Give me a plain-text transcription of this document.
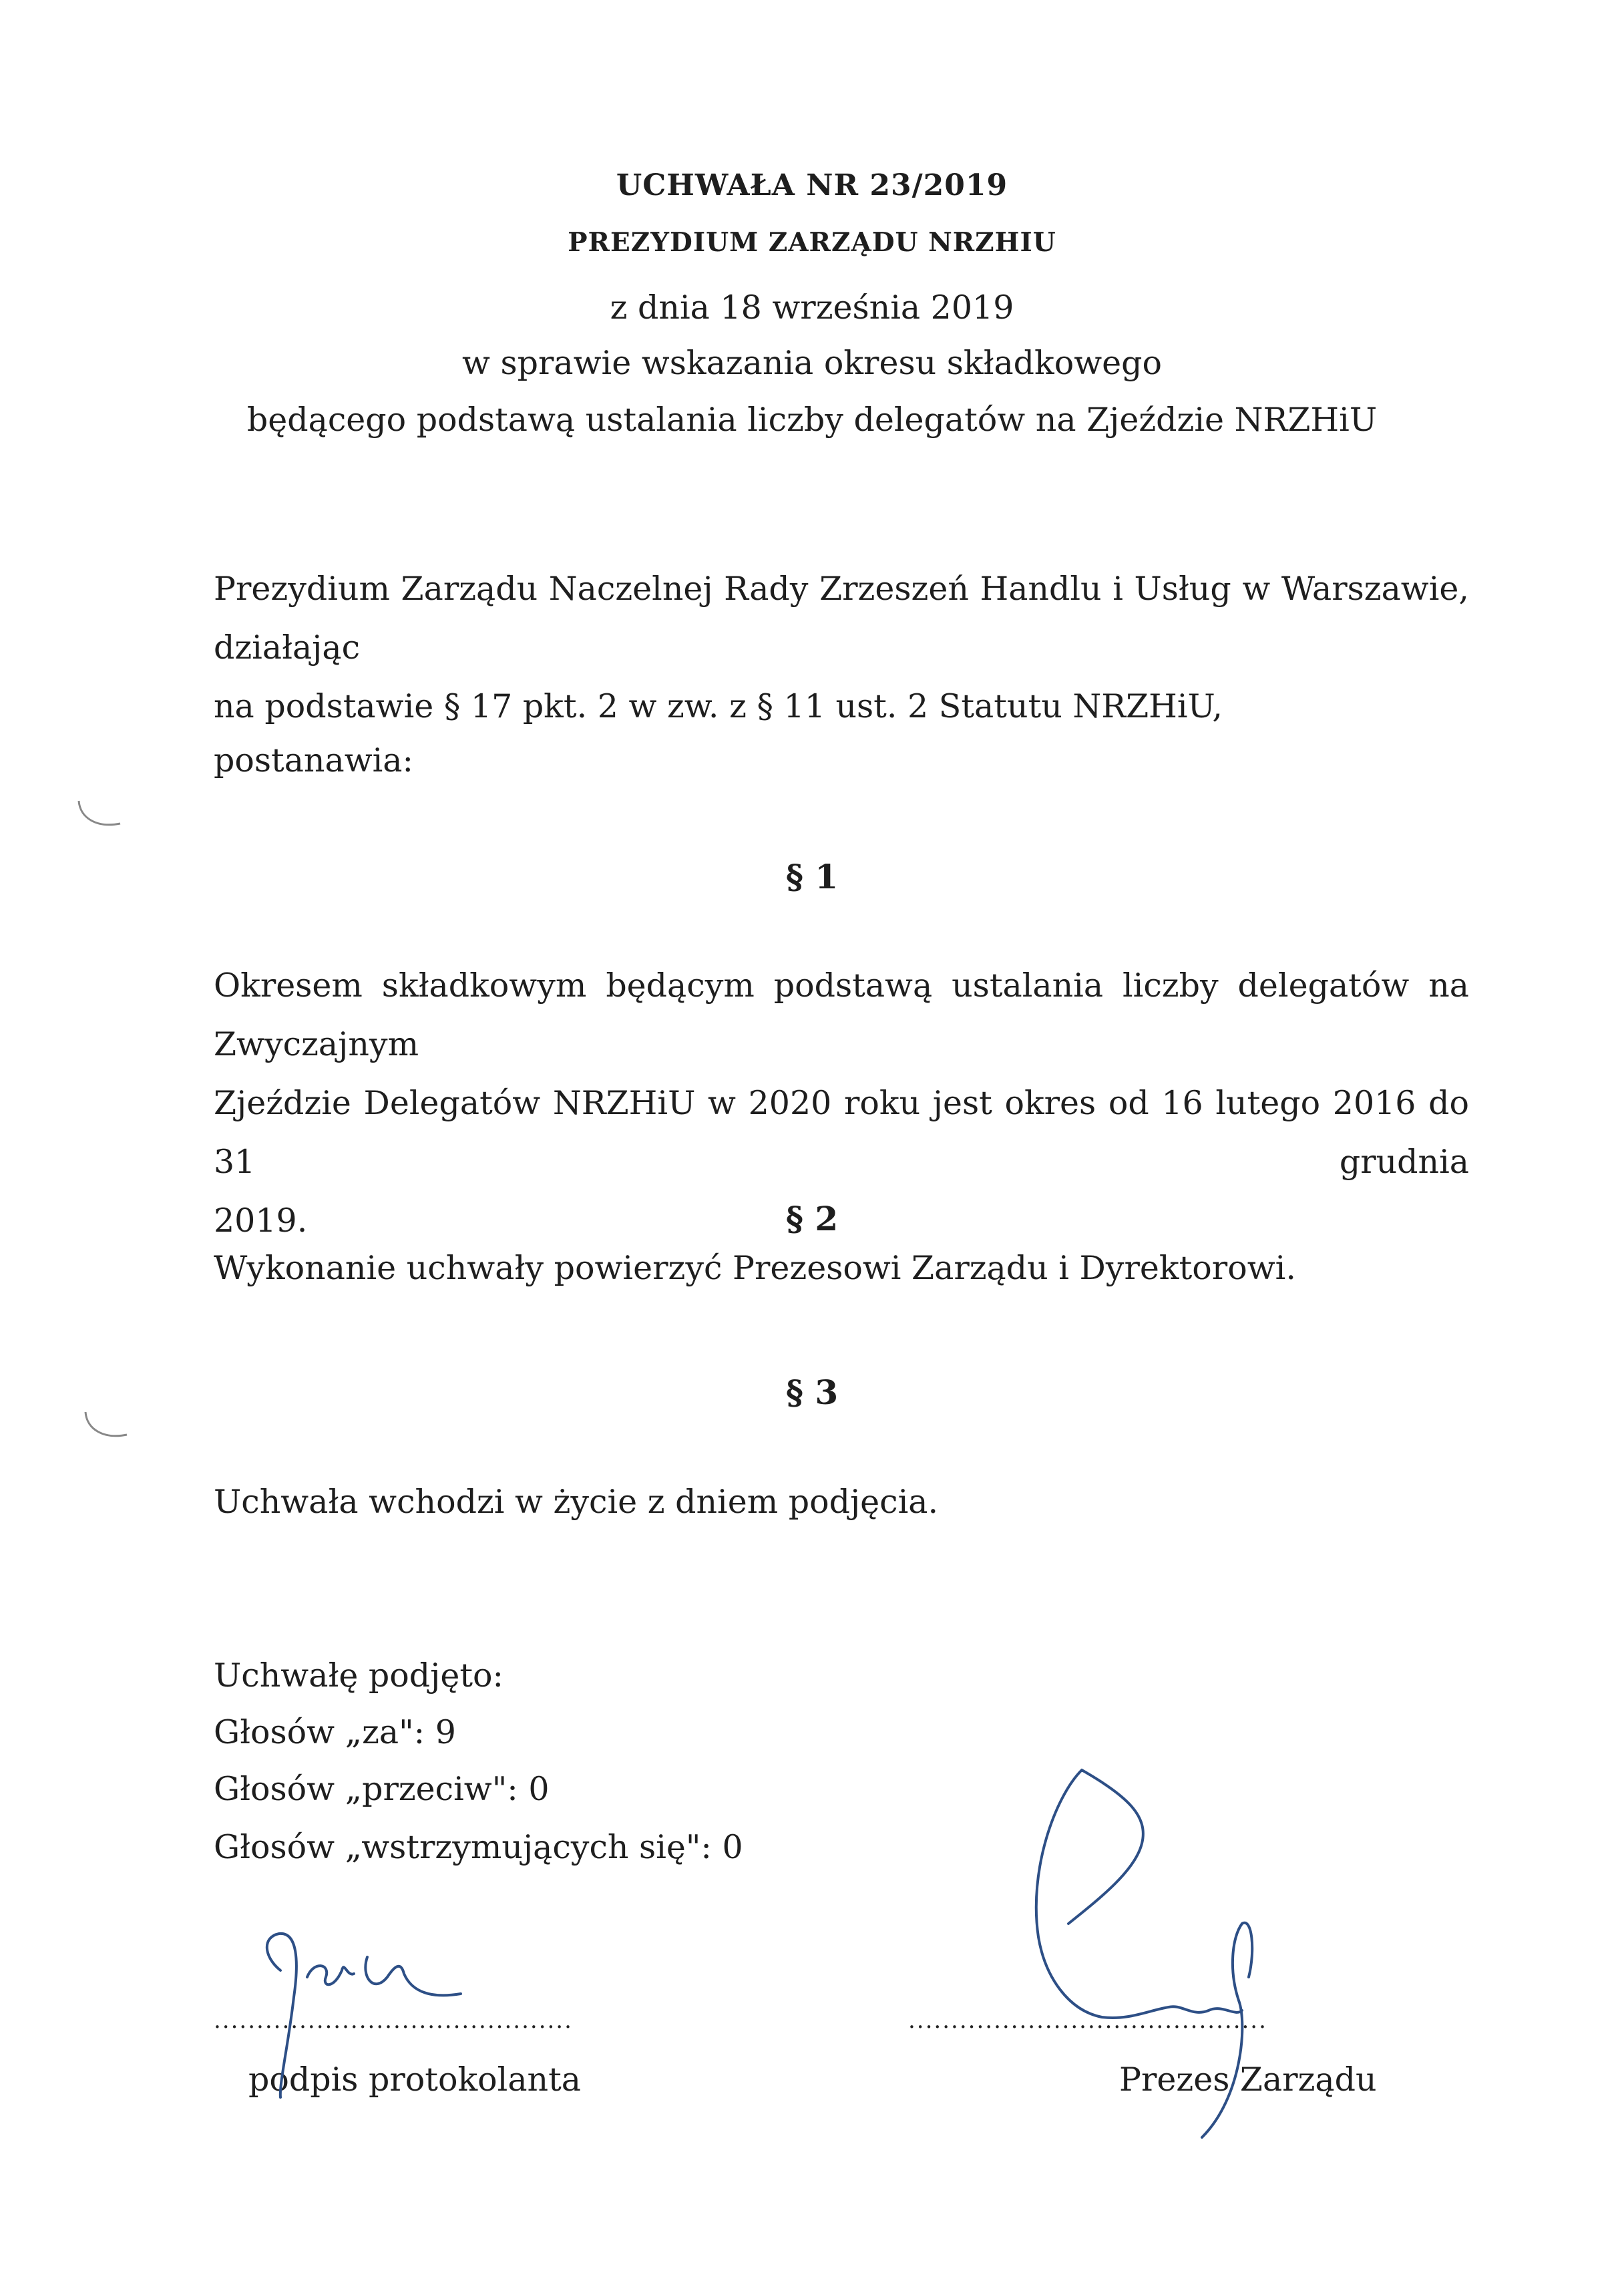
UCHWAŁA NR 23/2019
PREZYDIUM ZARZĄDU NRZHIU
z dnia 18 września 2019
w sprawie wskazania okresu składkowego
będącego podstawą ustalania liczby delegatów na Zjeździe NRZHiU
Prezydium Zarządu Naczelnej Rady Zrzeszeń Handlu i Usług w Warszawie, działając
na podstawie § 17 pkt. 2 w zw. z § 11 ust. 2 Statutu NRZHiU,
postanawia:
§ 1
Okresem składkowym będącym podstawą ustalania liczby delegatów na Zwyczajnym
Zjeździe Delegatów NRZHiU w 2020 roku jest okres od 16 lutego 2016 do 31 grudnia
2019.	§ 2
Wykonanie uchwały powierzyć Prezesowi Zarządu i Dyrektorowi.
§ 3
Uchwała wchodzi w życie z dniem podjęcia.
Uchwałę podjęto:
Głosów „za": 9
Głosów „przeciw": 0
Głosów „wstrzymujących się": 0
..........................................
podpis protokolanta
..........................................
Prezes Zarządu
